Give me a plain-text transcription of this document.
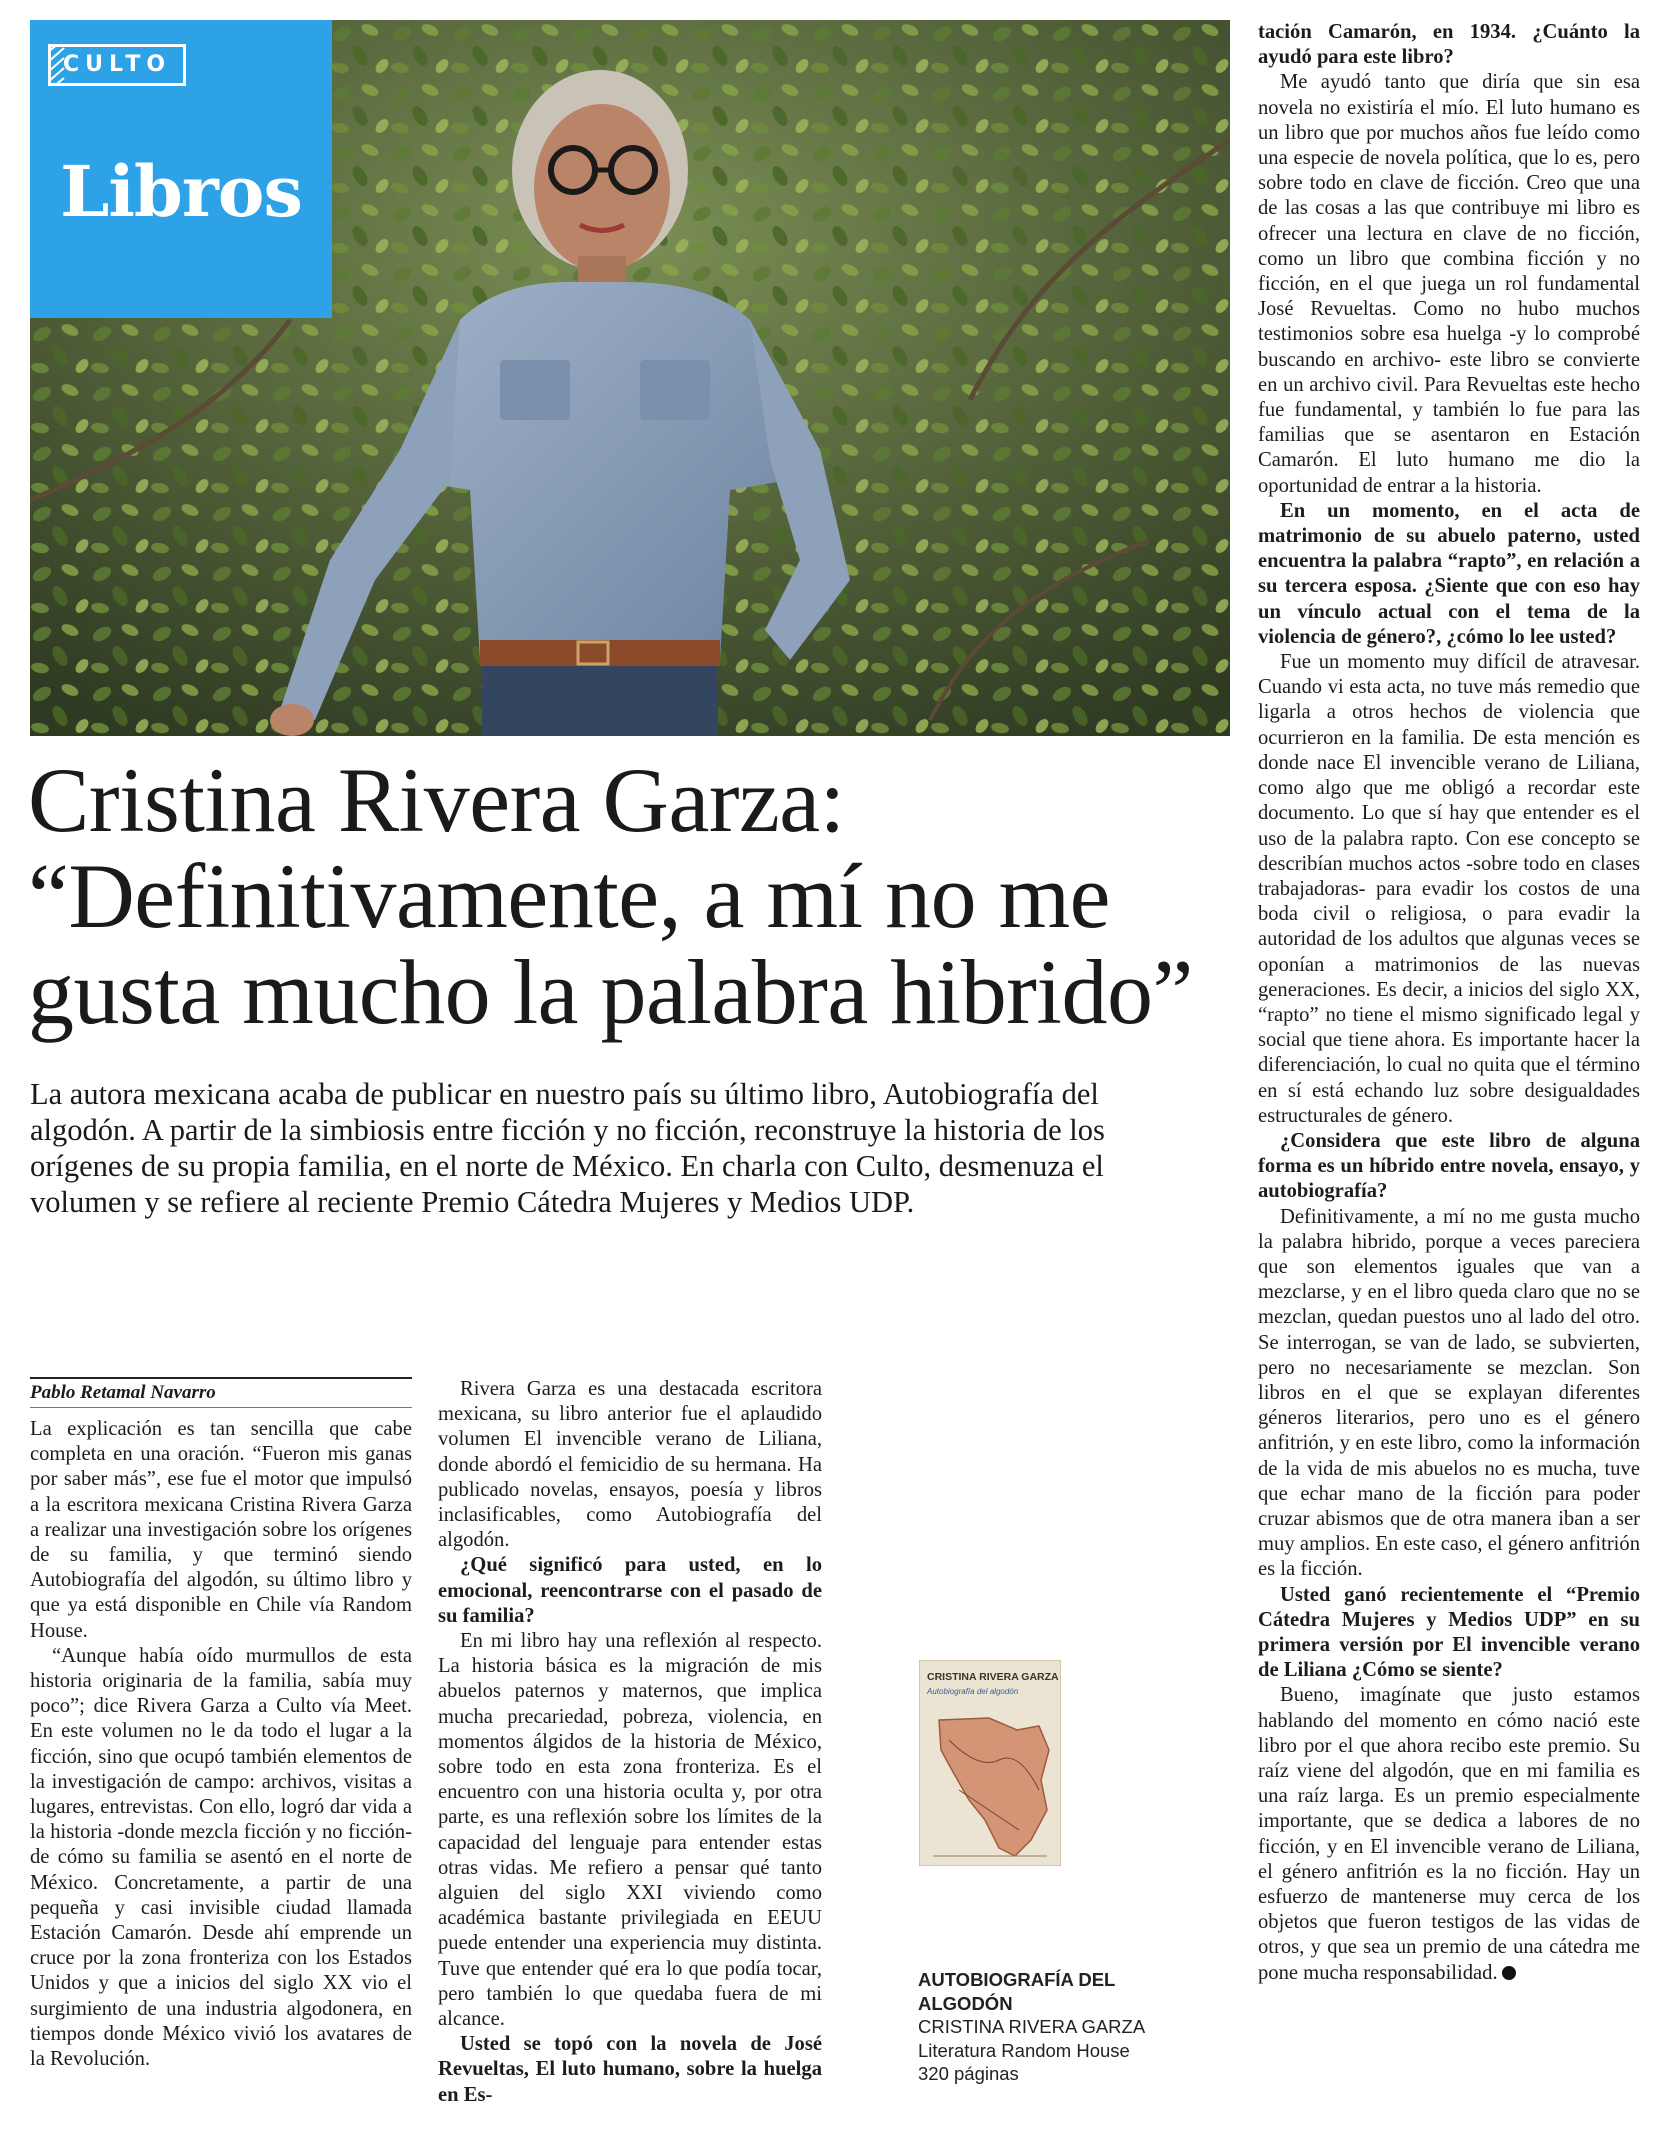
CULTO
Libros
Cristina Rivera Garza:
“Definitivamente, a mí no me
gusta mucho la palabra hibrido”

La autora mexicana acaba de publicar en nuestro país su último libro, Autobiografía del algodón. A partir de la simbiosis entre ficción y no ficción, reconstruye la historia de los orígenes de su propia familia, en el norte de México. En charla con Culto, desmenuza el volumen y se refiere al reciente Premio Cátedra Mujeres y Medios UDP.

Pablo Retamal Navarro

La explicación es tan sencilla que cabe completa en una oración. “Fueron mis ganas por saber más”, ese fue el motor que impulsó a la escritora mexicana Cristina Rivera Garza a realizar una investigación sobre los orígenes de su familia, y que terminó siendo Autobiografía del algodón, su último libro y que ya está disponible en Chile vía Random House.

“Aunque había oído murmullos de esta historia originaria de la familia, sabía muy poco”; dice Rivera Garza a Culto vía Meet. En este volumen no le da todo el lugar a la ficción, sino que ocupó también elementos de la investigación de campo: archivos, visitas a lugares, entrevistas. Con ello, logró dar vida a la historia -donde mezcla ficción y no ficción- de cómo su familia se asentó en el norte de México. Concretamente, a partir de una pequeña y casi invisible ciudad llamada Estación Camarón. Desde ahí emprende un cruce por la zona fronteriza con los Estados Unidos y que a inicios del siglo XX vio el surgimiento de una industria algodonera, en tiempos donde México vivió los avatares de la Revolución.

Rivera Garza es una destacada escritora mexicana, su libro anterior fue el aplaudido volumen El invencible verano de Liliana, donde abordó el femicidio de su hermana. Ha publicado novelas, ensayos, poesía y libros inclasificables, como Autobiografía del algodón.

¿Qué significó para usted, en lo emocional, reencontrarse con el pasado de su familia?

En mi libro hay una reflexión al respecto. La historia básica es la migración de mis abuelos paternos y maternos, que implica mucha precariedad, pobreza, violencia, en momentos álgidos de la historia de México, sobre todo en esta zona fronteriza. Es el encuentro con una historia oculta y, por otra parte, es una reflexión sobre los límites de la capacidad del lenguaje para entender estas otras vidas. Me refiero a pensar qué tanto alguien del siglo XXI viviendo como académica bastante privilegiada en EEUU puede entender una experiencia muy distinta. Tuve que entender qué era lo que podía tocar, pero también lo que quedaba fuera de mi alcance.

Usted se topó con la novela de José Revueltas, El luto humano, sobre la huelga en Es-

tación Camarón, en 1934. ¿Cuánto la ayudó para este libro?

Me ayudó tanto que diría que sin esa novela no existiría el mío. El luto humano es un libro que por muchos años fue leído como una especie de novela política, que lo es, pero sobre todo en clave de ficción. Creo que una de las cosas a las que contribuye mi libro es ofrecer una lectura en clave de no ficción, como un libro que combina ficción y no ficción, en el que juega un rol fundamental José Revueltas. Como no hubo muchos testimonios sobre esa huelga -y lo comprobé buscando en archivo- este libro se convierte en un archivo civil. Para Revueltas este hecho fue fundamental, y también lo fue para las familias que se asentaron en Estación Camarón. El luto humano me dio la oportunidad de entrar a la historia.

En un momento, en el acta de matrimonio de su abuelo paterno, usted encuentra la palabra “rapto”, en relación a su tercera esposa. ¿Siente que con eso hay un vínculo actual con el tema de la violencia de género?, ¿cómo lo lee usted?

Fue un momento muy difícil de atravesar. Cuando vi esta acta, no tuve más remedio que ligarla a otros hechos de violencia que ocurrieron en la familia. De esta mención es donde nace El invencible verano de Liliana, como algo que me obligó a recordar este documento. Lo que sí hay que entender es el uso de la palabra rapto. Con ese concepto se describían muchos actos -sobre todo en clases trabajadoras- para evadir los costos de una boda civil o religiosa, o para evadir la autoridad de los adultos que algunas veces se oponían a matrimonios de las nuevas generaciones. Es decir, a inicios del siglo XX, “rapto” no tiene el mismo significado legal y social que tiene ahora. Es importante hacer la diferenciación, lo cual no quita que el término en sí está echando luz sobre desigualdades estructurales de género.

¿Considera que este libro de alguna forma es un híbrido entre novela, ensayo, y autobiografía?

Definitivamente, a mí no me gusta mucho la palabra hibrido, porque a veces pareciera que son elementos iguales que van a mezclarse, y en el libro queda claro que no se mezclan, quedan puestos uno al lado del otro. Se interrogan, se van de lado, se subvierten, pero no necesariamente se mezclan. Son libros en el que se explayan diferentes géneros literarios, pero uno es el género anfitrión, y en este libro, como la información de la vida de mis abuelos no es mucha, tuve que echar mano de la ficción para poder cruzar abismos que de otra manera iban a ser muy amplios. En este caso, el género anfitrión es la ficción.

Usted ganó recientemente el “Premio Cátedra Mujeres y Medios UDP” en su primera versión por El invencible verano de Liliana ¿Cómo se siente?

Bueno, imagínate que justo estamos hablando del momento en cómo nació este libro por el que ahora recibo este premio. Su raíz viene del algodón, que en mi familia es una raíz larga. Es un premio especialmente importante, que se dedica a labores de no ficción, y en El invencible verano de Liliana, el género anfitrión es la no ficción. Hay un esfuerzo de mantenerse muy cerca de los objetos que fueron testigos de las vidas de otros, y que sea un premio de una cátedra me pone mucha responsabilidad.

CRISTINA RIVERA GARZA
Autobiografía del algodón
AUTOBIOGRAFÍA DEL
ALGODÓN
CRISTINA RIVERA GARZA
Literatura Random House
320 páginas
